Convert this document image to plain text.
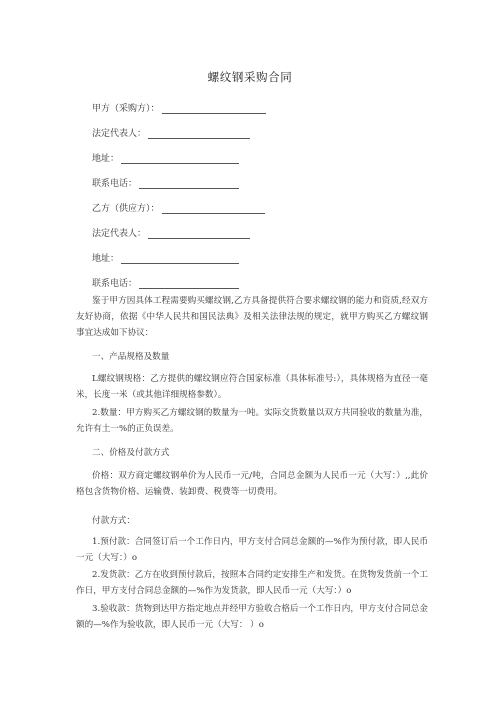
螺纹钢采购合同
甲方（采购方）：
法定代表人：
地址：
联系电话：
乙方（供应方）：
法定代表人：
地址：
联系电话：

鉴于甲方因具体工程需要购买螺纹钢,乙方具备提供符合要求螺纹钢的能力和资质,经双方友好协商，依据《中华人民共和国民法典》及相关法律法规的规定，就甲方购买乙方螺纹钢事宜达成如下协议：

一、产品规格及数量

L螺纹钢规格：乙方提供的螺纹钢应符合国家标准（具体标准号:），具体规格为直径一毫米，长度一米（或其他详细规格参数）。

2.数量：甲方购买乙方螺纹钢的数量为一吨。实际交货数量以双方共同验收的数量为准，允许有土一%的正负误差。

二、价格及付款方式

价格：双方商定螺纹钢单价为人民币一元/吨，合同总金额为人民币一元（大写：）,,此价格包含货物价格、运输费、装卸费、税费等一切费用。

付款方式：

1.预付款：合同签订后一个工作日内，甲方支付合同总金额的—%作为预付款，即人民币一元（大写：）o

2.发货款：乙方在收到预付款后，按照本合同约定安排生产和发货。在货物发货前一个工作日，甲方支付合同总金额的—%作为发货款，即人民币一元（大写：）o

3.验收款：货物到达甲方指定地点并经甲方验收合格后一个工作日内，甲方支付合同总金额的—%作为验收款，即人民币一元（大写： ）o
